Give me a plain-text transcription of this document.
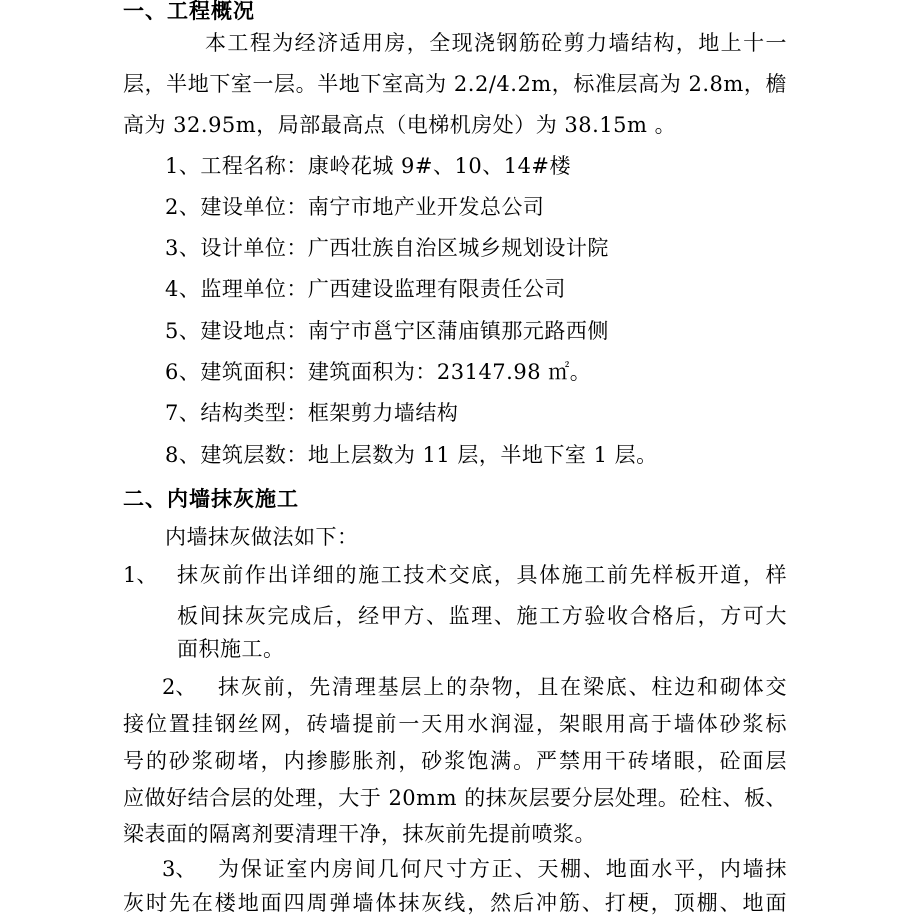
一、工程概况
本工程为经济适用房，全现浇钢筋砼剪力墙结构，地上十一
层，半地下室一层。半地下室高为 2.2/4.2m，标准层高为 2.8m，檐
高为 32.95m，局部最高点（电梯机房处）为 38.15m 。
1、工程名称：康岭花城 9#、10、14#楼
2、建设单位：南宁市地产业开发总公司
3、设计单位：广西壮族自治区城乡规划设计院
4、监理单位：广西建设监理有限责任公司
5、建设地点：南宁市邕宁区蒲庙镇那元路西侧
6、建筑面积：建筑面积为：23147.98 ㎡。
7、结构类型：框架剪力墙结构
8、建筑层数：地上层数为 11 层，半地下室 1 层。
二、内墙抹灰施工
内墙抹灰做法如下：
1、 抹灰前作出详细的施工技术交底，具体施工前先样板开道，样
板间抹灰完成后，经甲方、监理、施工方验收合格后，方可大
面积施工。
2、 抹灰前，先清理基层上的杂物，且在梁底、柱边和砌体交
接位置挂钢丝网，砖墙提前一天用水润湿，架眼用高于墙体砂浆标
号的砂浆砌堵，内掺膨胀剂，砂浆饱满。严禁用干砖堵眼，砼面层
应做好结合层的处理，大于 20mm 的抹灰层要分层处理。砼柱、板、
梁表面的隔离剂要清理干净，抹灰前先提前喷浆。
3、 为保证室内房间几何尺寸方正、天棚、地面水平，内墙抹
灰时先在楼地面四周弹墙体抹灰线，然后冲筋、打梗，顶棚、地面
